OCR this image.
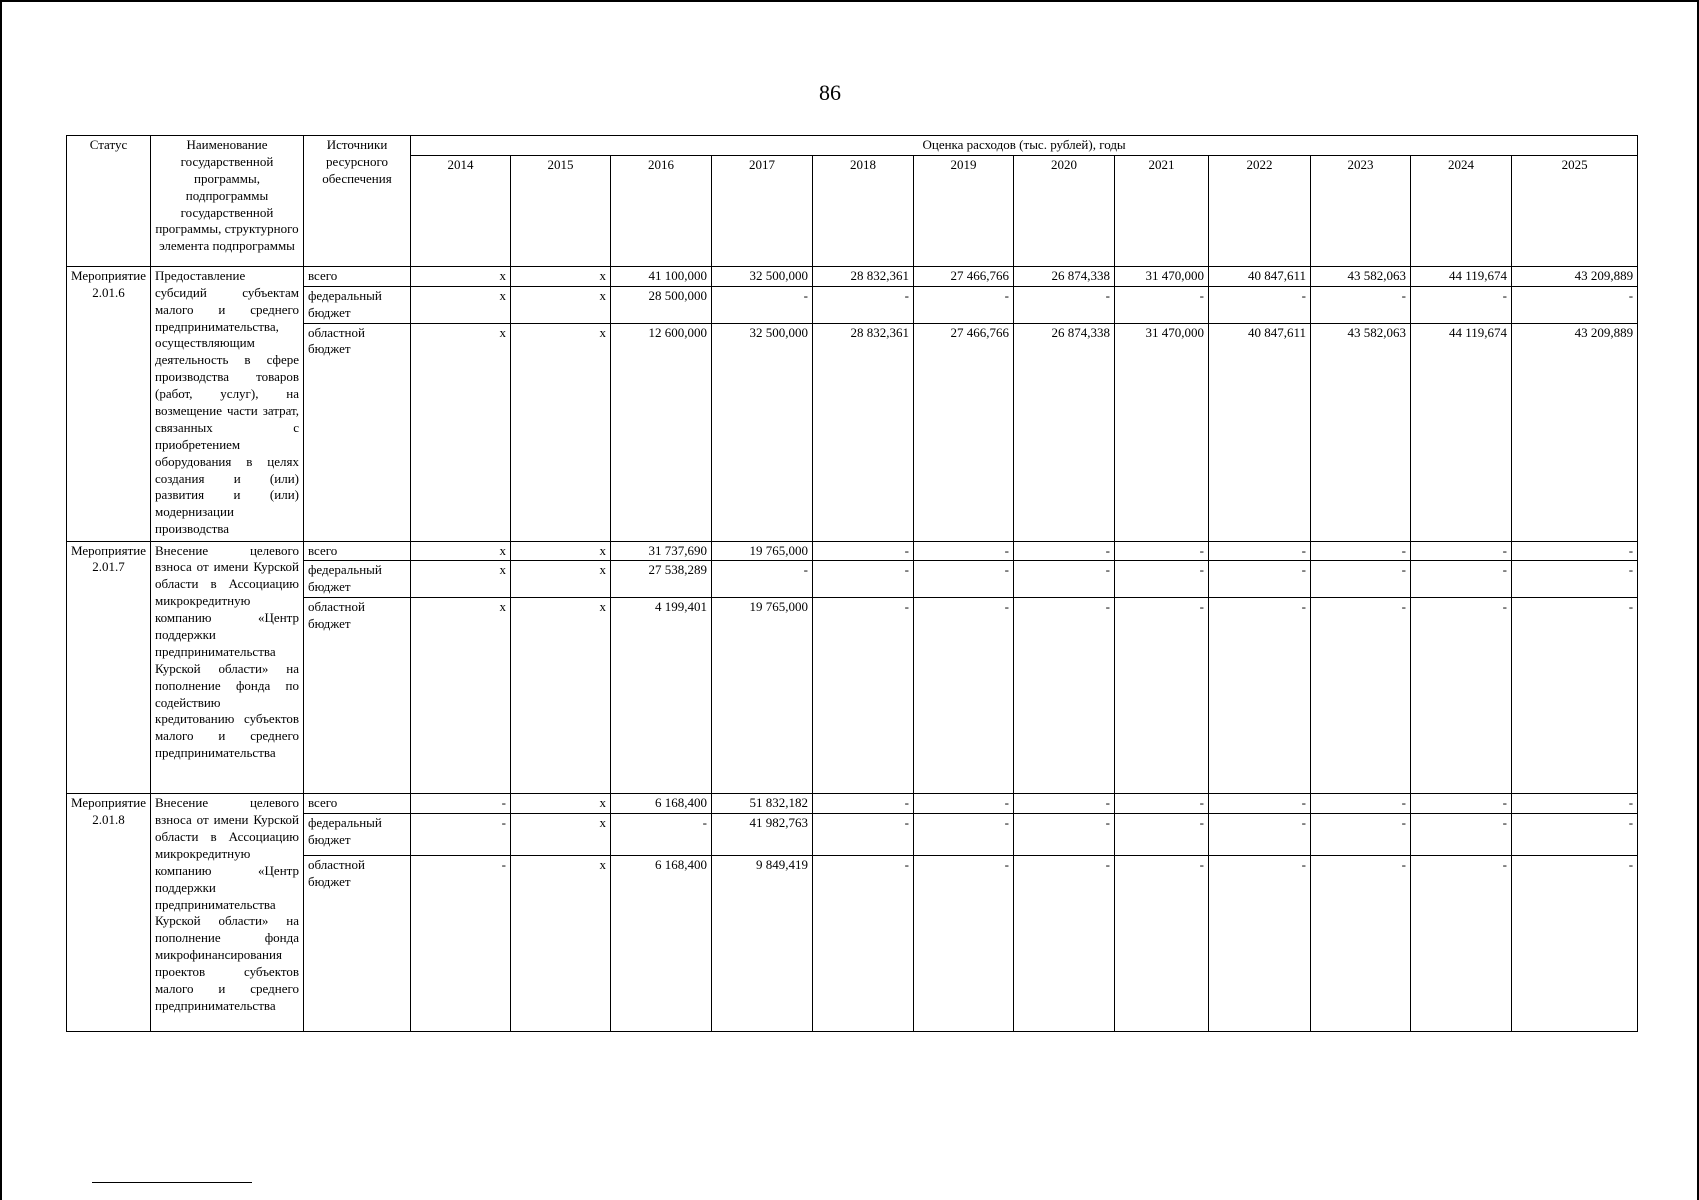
86
Статус	Наименование государственной программы, подпрограммы государственной программы, структурного элемента подпрограммы	Источники ресурсного обеспечения	Оценка расходов (тыс. рублей), годы											
			2014	2015	2016	2017	2018	2019	2020	2021	2022	2023	2024	2025
Мероприятие 2.01.6	Предоставление субсидий субъектам малого и среднего предпринимательства, осуществляющим деятельность в сфере производства товаров (работ, услуг), на возмещение части затрат, связанных с приобретением оборудования в целях создания и (или) развития и (или) модернизации производства	всего	x	x	41 100,000	32 500,000	28 832,361	27 466,766	26 874,338	31 470,000	40 847,611	43 582,063	44 119,674	43 209,889
		федеральный бюджет	x	x	28 500,000	-	-	-	-	-	-	-	-	-
		областной бюджет	x	x	12 600,000	32 500,000	28 832,361	27 466,766	26 874,338	31 470,000	40 847,611	43 582,063	44 119,674	43 209,889
Мероприятие 2.01.7	Внесение целевого взноса от имени Курской области в Ассоциацию микрокредитную компанию «Центр поддержки предпринимательства Курской области» на пополнение фонда по содействию кредитованию субъектов малого и среднего предпринимательства	всего	x	x	31 737,690	19 765,000	-	-	-	-	-	-	-	-
		федеральный бюджет	x	x	27 538,289	-	-	-	-	-	-	-	-	-
		областной бюджет	x	x	4 199,401	19 765,000	-	-	-	-	-	-	-	-
Мероприятие 2.01.8	Внесение целевого взноса от имени Курской области в Ассоциацию микрокредитную компанию «Центр поддержки предпринимательства Курской области» на пополнение фонда микрофинансирования проектов субъектов малого и среднего предпринимательства	всего	-	x	6 168,400	51 832,182	-	-	-	-	-	-	-	-
		федеральный бюджет	-	x	-	41 982,763	-	-	-	-	-	-	-	-
		областной бюджет	-	x	6 168,400	9 849,419	-	-	-	-	-	-	-	-
